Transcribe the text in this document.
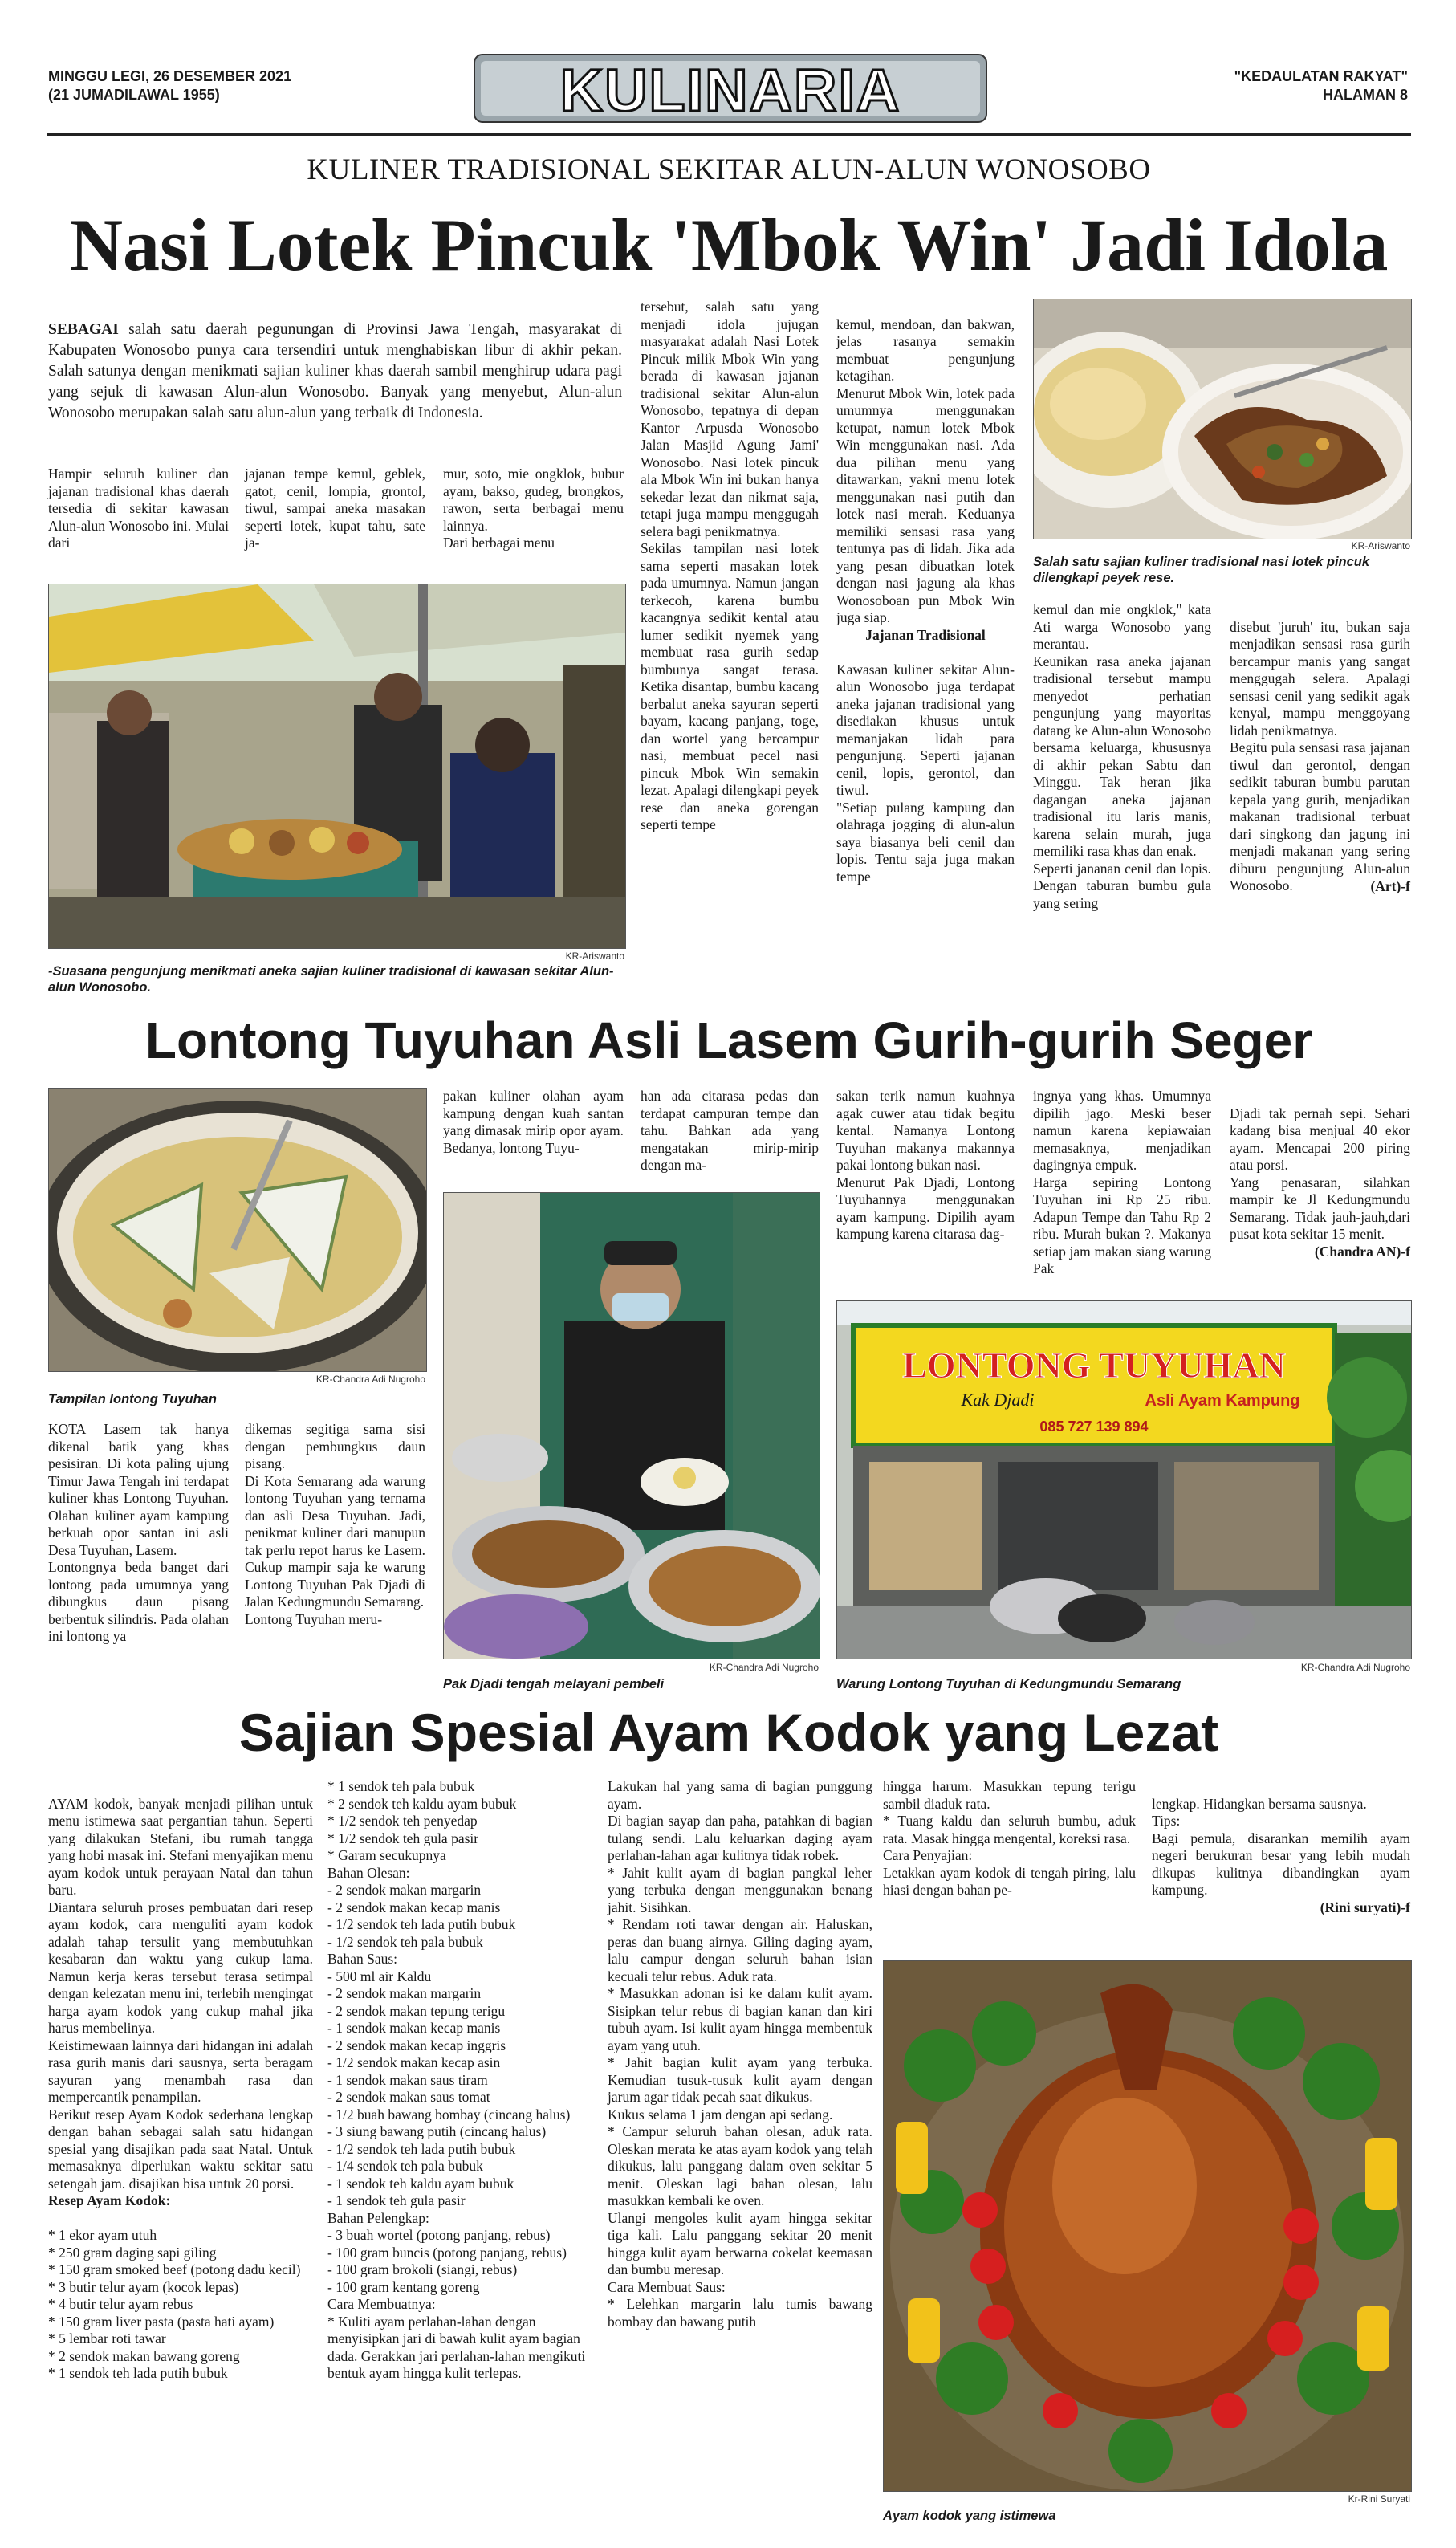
MINGGU LEGI, 26 DESEMBER 2021
(21 JUMADILAWAL 1955)	KULINARIA	"KEDAULATAN RAKYAT"
HALAMAN 8
KULINER TRADISIONAL SEKITAR ALUN-ALUN WONOSOBO
Nasi Lotek Pincuk 'Mbok Win' Jadi Idola

SEBAGAI salah satu daerah pegunungan di Provinsi Jawa Tengah, masyarakat di Kabupaten Wonosobo punya cara tersendiri untuk menghabiskan libur di akhir pekan. Salah satunya dengan menikmati sajian kuliner khas daerah sambil menghirup udara pagi yang sejuk di kawasan Alun-alun Wonosobo. Banyak yang menyebut, Alun-alun Wonosobo merupakan salah satu alun-alun yang terbaik di Indonesia.

Hampir seluruh kuliner dan jajanan tradisional khas daerah tersedia di sekitar kawasan Alun-alun Wonosobo ini. Mulai dari
jajanan tempe kemul, geblek, gatot, cenil, lompia, grontol, tiwul, sampai aneka masakan seperti lotek, kupat tahu, sate ja-
mur, soto, mie ongklok, bubur ayam, bakso, gudeg, brongkos, rawon, serta berbagai menu lainnya.
Dari berbagai menu
tersebut, salah satu yang menjadi idola jujugan masyarakat adalah Nasi Lotek Pincuk milik Mbok Win yang berada di kawasan jajanan tradisional sekitar Alun-alun Wonosobo, tepatnya di depan Kantor Arpusda Wonosobo Jalan Masjid Agung Jami' Wonosobo. Nasi lotek pincuk ala Mbok Win ini bukan hanya sekedar lezat dan nikmat saja, tetapi juga mampu menggugah selera bagi penikmatnya.
Sekilas tampilan nasi lotek sama seperti masakan lotek pada umumnya. Namun jangan terkecoh, karena bumbu kacangnya sedikit kental atau lumer sedikit nyemek yang membuat rasa gurih sedap bumbunya sangat terasa. Ketika disantap, bumbu kacang berbalut aneka sayuran seperti bayam, kacang panjang, toge, dan wortel yang bercampur nasi, membuat pecel nasi pincuk Mbok Win semakin lezat. Apalagi dilengkapi peyek rese dan aneka gorengan seperti tempe

kemul, mendoan, dan bakwan, jelas rasanya semakin membuat pengunjung ketagihan.
Menurut Mbok Win, lotek pada umumnya menggunakan ketupat, namun lotek Mbok Win menggunakan nasi. Ada dua pilihan menu yang ditawarkan, yakni menu lotek menggunakan nasi putih dan lotek nasi merah. Keduanya memiliki sensasi rasa yang tentunya pas di lidah. Jika ada yang pesan dibuatkan lotek dengan nasi jagung ala khas Wonosoboan pun Mbok Win juga siap.

Jajanan Tradisional

Kawasan kuliner sekitar Alun-alun Wonosobo juga terdapat aneka jajanan tradisional yang disediakan khusus untuk memanjakan lidah para pengunjung. Seperti jajanan cenil, lopis, gerontol, dan tiwul.
"Setiap pulang kampung dan olahraga jogging di alun-alun saya biasanya beli cenil dan lopis. Tentu saja juga makan tempe

kemul dan mie ongklok," kata Ati warga Wonosobo yang merantau.
Keunikan rasa aneka jajanan tradisional tersebut mampu menyedot perhatian pengunjung yang mayoritas datang ke Alun-alun Wonosobo bersama keluarga, khususnya di akhir pekan Sabtu dan Minggu. Tak heran jika dagangan aneka jajanan tradisional itu laris manis, karena selain murah, juga memiliki rasa khas dan enak.
Seperti jananan cenil dan lopis. Dengan taburan bumbu gula yang sering

disebut 'juruh' itu, bukan saja menjadikan sensasi rasa gurih bercampur manis yang sangat menggugah selera. Apalagi sensasi cenil yang sedikit agak kenyal, mampu menggoyang lidah penikmatnya.
Begitu pula sensasi rasa jajanan tiwul dan gerontol, dengan sedikit taburan bumbu parutan kepala yang gurih, menjadikan makanan tradisional terbuat dari singkong dan jagung ini menjadi makanan yang sering diburu pengunjung Alun-alun Wonosobo.	(Art)-f

KR-Ariswanto
Salah satu sajian kuliner tradisional nasi lotek pincuk dilengkapi peyek rese.
KR-Ariswanto
-Suasana pengunjung menikmati aneka sajian kuliner tradisional di kawasan sekitar Alun-alun Wonosobo.
Lontong Tuyuhan Asli Lasem Gurih-gurih Seger
KR-Chandra Adi Nugroho
Tampilan lontong Tuyuhan
KOTA Lasem tak hanya dikenal batik yang khas pesisiran. Di kota paling ujung Timur Jawa Tengah ini terdapat kuliner khas Lontong Tuyuhan. Olahan kuliner ayam kampung berkuah opor santan ini asli Desa Tuyuhan, Lasem.
Lontongnya beda banget dari lontong pada umumnya yang dibungkus daun pisang berbentuk silindris. Pada olahan ini lontong ya
dikemas segitiga sama sisi dengan pembungkus daun pisang.
Di Kota Semarang ada warung lontong Tuyuhan yang ternama dan asli Desa Tuyuhan. Jadi, penikmat kuliner dari manupun tak perlu repot harus ke Lasem. Cukup mampir saja ke warung Lontong Tuyuhan Pak Djadi di Jalan Kedungmundu Semarang.
Lontong Tuyuhan meru-
pakan kuliner olahan ayam kampung dengan kuah santan yang dimasak mirip opor ayam. Bedanya, lontong Tuyu-
han ada citarasa pedas dan terdapat campuran tempe dan tahu. Bahkan ada yang mengatakan mirip-mirip dengan ma-
sakan terik namun kuahnya agak cuwer atau tidak begitu kental. Namanya Lontong Tuyuhan makanya makannya pakai lontong bukan nasi.
Menurut Pak Djadi, Lontong Tuyuhannya menggunakan ayam kampung. Dipilih ayam kampung karena citarasa dag-
ingnya yang khas. Umumnya dipilih jago. Meski beser namun karena kepiawaian memasaknya, menjadikan dagingnya empuk.
Harga sepiring Lontong Tuyuhan ini Rp 25 ribu. Adapun Tempe dan Tahu Rp 2 ribu. Murah bukan ?. Makanya setiap jam makan siang warung Pak

Djadi tak pernah sepi. Sehari kadang bisa menjual 40 ekor ayam. Mencapai 200 piring atau porsi.
Yang penasaran, silahkan mampir ke Jl Kedungmundu Semarang. Tidak jauh-jauh,dari pusat kota sekitar 15 menit.

(Chandra AN)-f

KR-Chandra Adi Nugroho
Pak Djadi tengah melayani pembeli
LONTONG TUYUHAN
Kak Djadi	Asli Ayam Kampung
085 727 139 894
KR-Chandra Adi Nugroho
Warung Lontong Tuyuhan di Kedungmundu Semarang
Sajian Spesial Ayam Kodok yang Lezat

AYAM kodok, banyak menjadi pilihan untuk menu istimewa saat pergantian tahun. Seperti yang dilakukan Stefani, ibu rumah tangga yang hobi masak ini. Stefani menyajikan menu ayam kodok untuk perayaan Natal dan tahun baru.
Diantara seluruh proses pembuatan dari resep ayam kodok, cara menguliti ayam kodok adalah tahap tersulit yang membutuhkan kesabaran dan waktu yang cukup lama. Namun kerja keras tersebut terasa setimpal dengan kelezatan menu ini, terlebih mengingat harga ayam kodok yang cukup mahal jika harus membelinya.
Keistimewaan lainnya dari hidangan ini adalah rasa gurih manis dari sausnya, serta beragam sayuran yang menambah rasa dan mempercantik penampilan.
Berikut resep Ayam Kodok sederhana lengkap dengan bahan sebagai salah satu hidangan spesial yang disajikan pada saat Natal. Untuk memasaknya diperlukan waktu sekitar satu setengah jam. disajikan bisa untuk 20 porsi.

Resep Ayam Kodok:

* 1 ekor ayam utuh
* 250 gram daging sapi giling
* 150 gram smoked beef (potong dadu kecil)
* 3 butir telur ayam (kocok lepas)
* 4 butir telur ayam rebus
* 150 gram liver pasta (pasta hati ayam)
* 5 lembar roti tawar
* 2 sendok makan bawang goreng
* 1 sendok teh lada putih bubuk

* 1 sendok teh pala bubuk
* 2 sendok teh kaldu ayam bubuk
* 1/2 sendok teh penyedap
* 1/2 sendok teh gula pasir
* Garam secukupnya
Bahan Olesan:
- 2 sendok makan margarin
- 2 sendok makan kecap manis
- 1/2 sendok teh lada putih bubuk
- 1/2 sendok teh pala bubuk
Bahan Saus:
- 500 ml air Kaldu
- 2 sendok makan margarin
- 2 sendok makan tepung terigu
- 1 sendok makan kecap manis
- 2 sendok makan kecap inggris
- 1/2 sendok makan kecap asin
- 1 sendok makan saus tiram
- 2 sendok makan saus tomat
- 1/2 buah bawang bombay (cincang halus)
- 3 siung bawang putih (cincang halus)
- 1/2 sendok teh lada putih bubuk
- 1/4 sendok teh pala bubuk
- 1 sendok teh kaldu ayam bubuk
- 1 sendok teh gula pasir
Bahan Pelengkap:
- 3 buah wortel (potong panjang, rebus)
- 100 gram buncis (potong panjang, rebus)
- 100 gram brokoli (siangi, rebus)
- 100 gram kentang goreng
Cara Membuatnya:
* Kuliti ayam perlahan-lahan dengan menyisipkan jari di bawah kulit ayam bagian dada. Gerakkan jari perlahan-lahan mengikuti bentuk ayam hingga kulit terlepas.
Lakukan hal yang sama di bagian punggung ayam.
Di bagian sayap dan paha, patahkan di bagian tulang sendi. Lalu keluarkan daging ayam perlahan-lahan agar kulitnya tidak robek.
* Jahit kulit ayam di bagian pangkal leher yang terbuka dengan menggunakan benang jahit. Sisihkan.
* Rendam roti tawar dengan air. Haluskan, peras dan buang airnya. Giling daging ayam, lalu campur dengan seluruh bahan isian kecuali telur rebus. Aduk rata.
* Masukkan adonan isi ke dalam kulit ayam. Sisipkan telur rebus di bagian kanan dan kiri tubuh ayam. Isi kulit ayam hingga membentuk ayam yang utuh.
* Jahit bagian kulit ayam yang terbuka. Kemudian tusuk-tusuk kulit ayam dengan jarum agar tidak pecah saat dikukus.
Kukus selama 1 jam dengan api sedang.
* Campur seluruh bahan olesan, aduk rata. Oleskan merata ke atas ayam kodok yang telah dikukus, lalu panggang dalam oven sekitar 5 menit. Oleskan lagi bahan olesan, lalu masukkan kembali ke oven.
Ulangi mengoles kulit ayam hingga sekitar tiga kali. Lalu panggang sekitar 20 menit hingga kulit ayam berwarna cokelat keemasan dan bumbu meresap.
Cara Membuat Saus:
* Lelehkan margarin lalu tumis bawang bombay dan bawang putih
hingga harum. Masukkan tepung terigu sambil diaduk rata.
* Tuang kaldu dan seluruh bumbu, aduk rata. Masak hingga mengental, koreksi rasa.
Cara Penyajian:
Letakkan ayam kodok di tengah piring, lalu hiasi dengan bahan pe-

lengkap. Hidangkan bersama sausnya.
Tips:
Bagi pemula, disarankan memilih ayam negeri berukuran besar yang lebih mudah dikupas kulitnya dibandingkan ayam kampung.

(Rini suryati)-f

Kr-Rini Suryati
Ayam kodok yang istimewa
